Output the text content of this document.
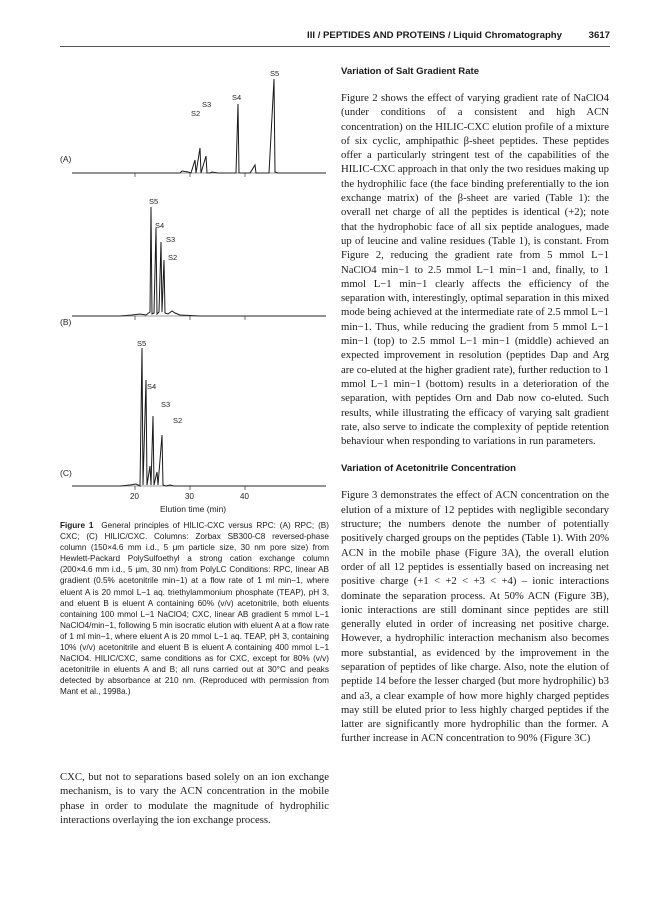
III / PEPTIDES AND PROTEINS / Liquid Chromatography	3617
(A)
S5
S4
S3
S2
(B)
S5
S4
S3
S2
(C)
S5
S4
S3
S2
20	30	40
Elution time (min)
Figure 1 General principles of HILIC-CXC versus RPC: (A) RPC; (B) CXC; (C) HILIC/CXC. Columns: Zorbax SB300-C8 reversed-phase column (150×4.6 mm i.d., 5 μm particle size, 30 nm pore size) from Hewlett-Packard PolySulfoethyl a strong cation exchange column (200×4.6 mm i.d., 5 μm, 30 nm) from PolyLC Conditions: RPC, linear AB gradient (0.5% acetonitrile min−1) at a flow rate of 1 ml min−1, where eluent A is 20 mmol L−1 aq. triethylammonium phosphate (TEAP), pH 3, and eluent B is eluent A containing 60% (v/v) acetonitrile, both eluents containing 100 mmol L−1 NaClO4; CXC, linear AB gradient 5 mmol L−1 NaClO4/min−1, following 5 min isocratic elution with eluent A at a flow rate of 1 ml min−1, where eluent A is 20 mmol L−1 aq. TEAP, pH 3, containing 10% (v/v) acetonitrile and eluent B is eluent A containing 400 mmol L−1 NaClO4. HILIC/CXC, same conditions as for CXC, except for 80% (v/v) acetonitrile in eluents A and B; all runs carried out at 30°C and peaks detected by absorbance at 210 nm. (Reproduced with permission from Mant et al., 1998a.)

CXC, but not to separations based solely on an ion exchange mechanism, is to vary the ACN concentration in the mobile phase in order to modulate the magnitude of hydrophilic interactions overlaying the ion exchange process.

Variation of Salt Gradient Rate

Figure 2 shows the effect of varying gradient rate of NaClO4 (under conditions of a consistent and high ACN concentration) on the HILIC-CXC elution profile of a mixture of six cyclic, amphipathic β-sheet peptides. These peptides offer a particularly stringent test of the capabilities of the HILIC-CXC approach in that only the two residues making up the hydrophilic face (the face binding preferentially to the ion exchange matrix) of the β-sheet are varied (Table 1): the overall net charge of all the peptides is identical (+2); note that the hydrophobic face of all six peptide analogues, made up of leucine and valine residues (Table 1), is constant. From Figure 2, reducing the gradient rate from 5 mmol L−1 NaClO4 min−1 to 2.5 mmol L−1 min−1 and, finally, to 1 mmol L−1 min−1 clearly affects the efficiency of the separation with, interestingly, optimal separation in this mixed mode being achieved at the intermediate rate of 2.5 mmol L−1 min−1. Thus, while reducing the gradient from 5 mmol L−1 min−1 (top) to 2.5 mmol L−1 min−1 (middle) achieved an expected improvement in resolution (peptides Dap and Arg are co-eluted at the higher gradient rate), further reduction to 1 mmol L−1 min−1 (bottom) results in a deterioration of the separation, with peptides Orn and Dab now co-eluted. Such results, while illustrating the efficacy of varying salt gradient rate, also serve to indicate the complexity of peptide retention behaviour when responding to variations in run parameters.

Variation of Acetonitrile Concentration

Figure 3 demonstrates the effect of ACN concentration on the elution of a mixture of 12 peptides with negligible secondary structure; the numbers denote the number of potentially positively charged groups on the peptides (Table 1). With 20% ACN in the mobile phase (Figure 3A), the overall elution order of all 12 peptides is essentially based on increasing net positive charge (+1 < +2 < +3 < +4) – ionic interactions dominate the separation process. At 50% ACN (Figure 3B), ionic interactions are still dominant since peptides are still generally eluted in order of increasing net positive charge. However, a hydrophilic interaction mechanism also becomes more substantial, as evidenced by the improvement in the separation of peptides of like charge. Also, note the elution of peptide 14 before the lesser charged (but more hydrophilic) b3 and a3, a clear example of how more highly charged peptides may still be eluted prior to less highly charged peptides if the latter are significantly more hydrophilic than the former. A further increase in ACN concentration to 90% (Figure 3C)
